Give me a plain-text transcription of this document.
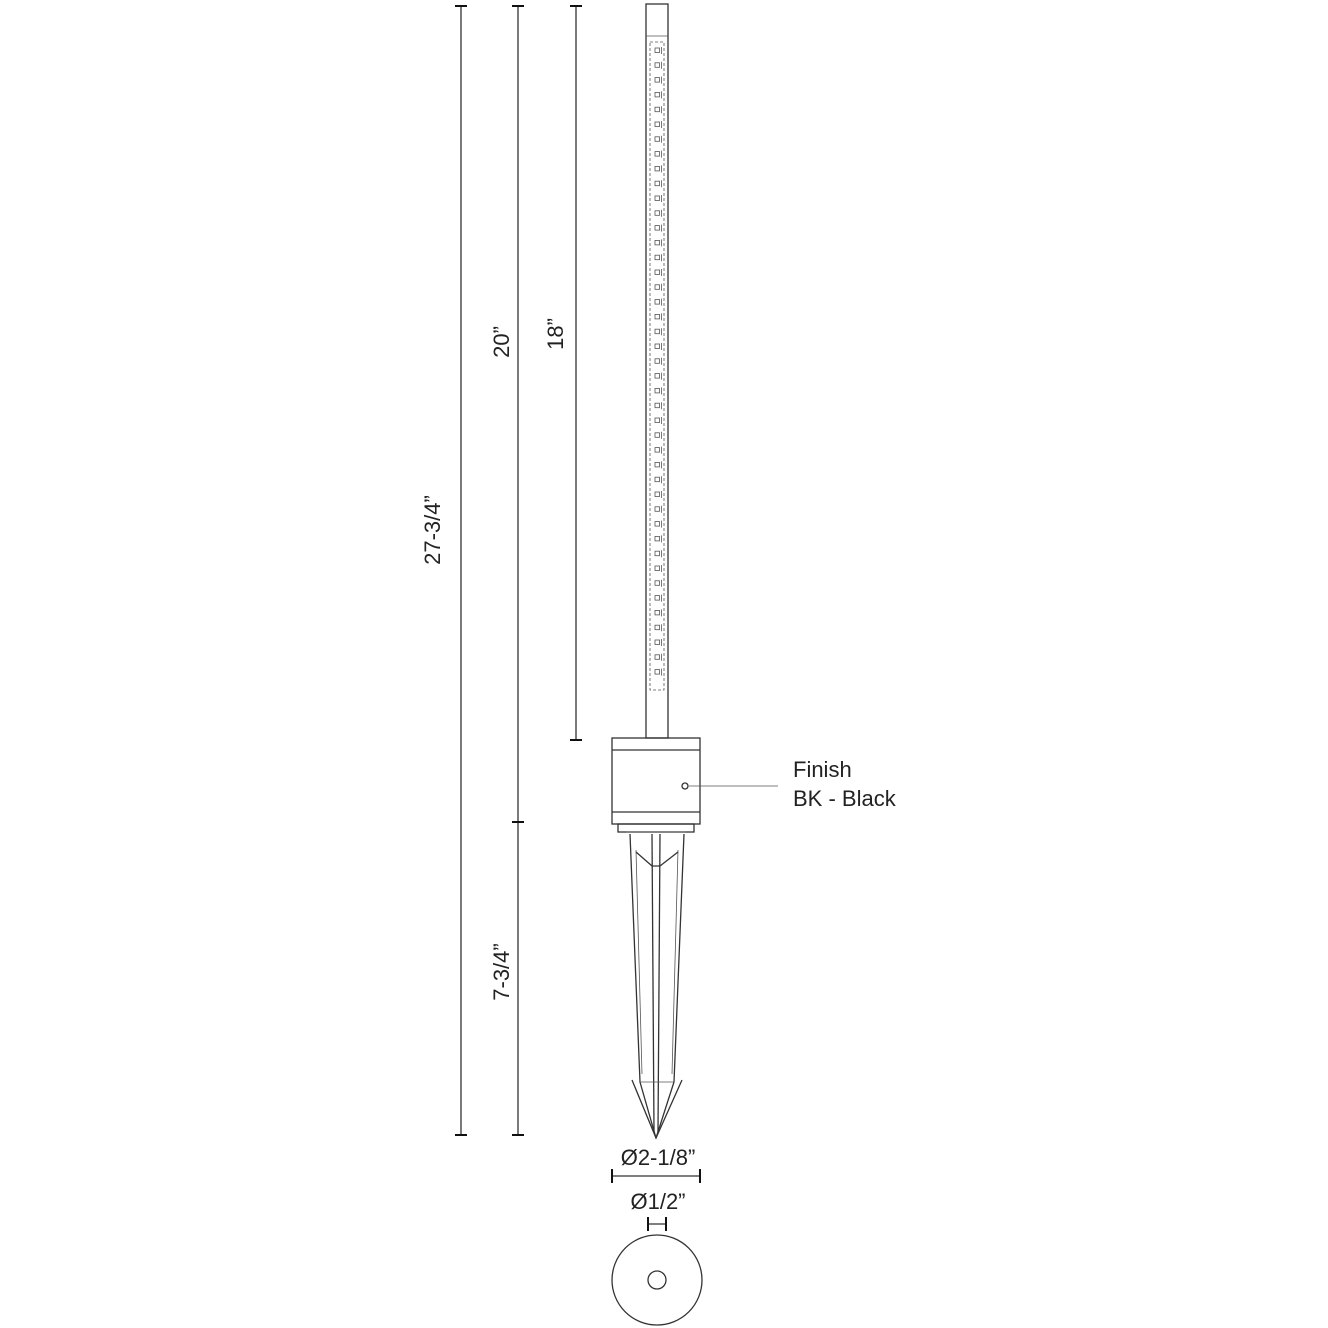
27-3/4”
20”
7-3/4”
18”
Finish
BK - Black
Ø2-1/8”
Ø1/2”
